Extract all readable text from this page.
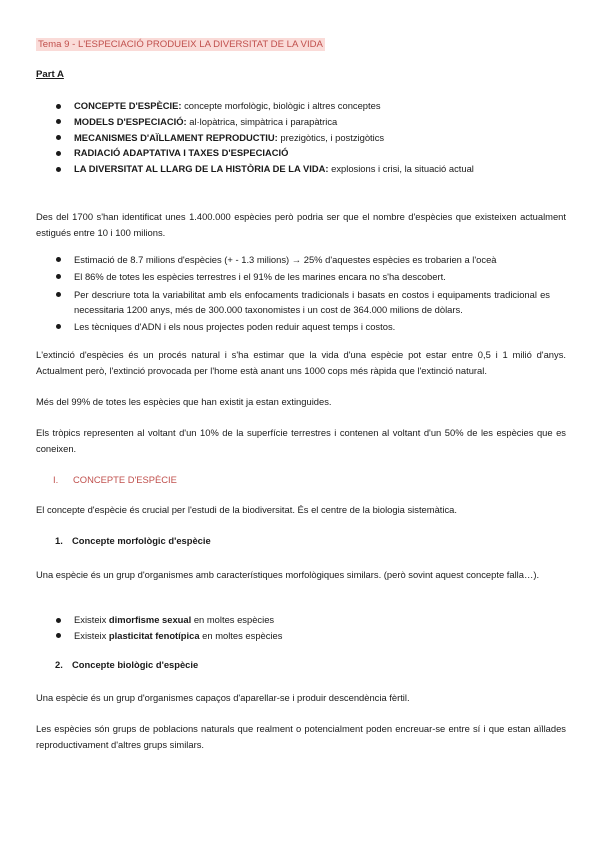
Tema 9 - L'ESPECIACIÓ PRODUEIX LA DIVERSITAT DE LA VIDA
Part A
CONCEPTE D'ESPÈCIE: concepte morfològic, biològic i altres conceptes
MODELS D'ESPECIACIÓ: al·lopàtrica, simpàtrica i parapàtrica
MECANISMES D'AÏLLAMENT REPRODUCTIU: prezigòtics, i postzigòtics
RADIACIÓ ADAPTATIVA I TAXES D'ESPECIACIÓ
LA DIVERSITAT AL LLARG DE LA HISTÒRIA DE LA VIDA: explosions i crisi, la situació actual
Des del 1700 s'han identificat unes 1.400.000 espècies però podria ser que el nombre d'espècies que existeixen actualment estigués entre 10 i 100 milions.
Estimació de 8.7 milions d'espècies (+ - 1.3 milions) → 25% d'aquestes espècies es trobarien a l'oceà
El 86% de totes les espècies terrestres i el 91% de les marines encara no s'ha descobert.
Per descriure tota la variabilitat amb els enfocaments tradicionals i basats en costos i equipaments tradicional es necessitaria 1200 anys, més de 300.000 taxonomistes i un cost de 364.000 milions de dòlars.
Les tècniques d'ADN i els nous projectes poden reduir aquest temps i costos.
L'extinció d'espècies és un procés natural i s'ha estimar que la vida d'una espècie pot estar entre 0,5 i 1 milió d'anys. Actualment però, l'extinció provocada per l'home està anant uns 1000 cops més ràpida que l'extinció natural.
Més del 99% de totes les espècies que han existit ja estan extinguides.
Els tròpics representen al voltant d'un 10% de la superfície terrestres i contenen al voltant d'un 50% de les espècies que es coneixen.
I. CONCEPTE D'ESPÈCIE
El concepte d'espècie és crucial per l'estudi de la biodiversitat. És el centre de la biologia sistemàtica.
1. Concepte morfològic d'espècie
Una espècie és un grup d'organismes amb característiques morfològiques similars. (però sovint aquest concepte falla…).
Existeix dimorfisme sexual en moltes espècies
Existeix plasticitat fenotípica en moltes espècies
2. Concepte biològic d'espècie
Una espècie és un grup d'organismes capaços d'aparellar-se i produir descendència fèrtil.
Les espècies són grups de poblacions naturals que realment o potencialment poden encreuar-se entre sí i que estan aïllades reproductivament d'altres grups similars.
